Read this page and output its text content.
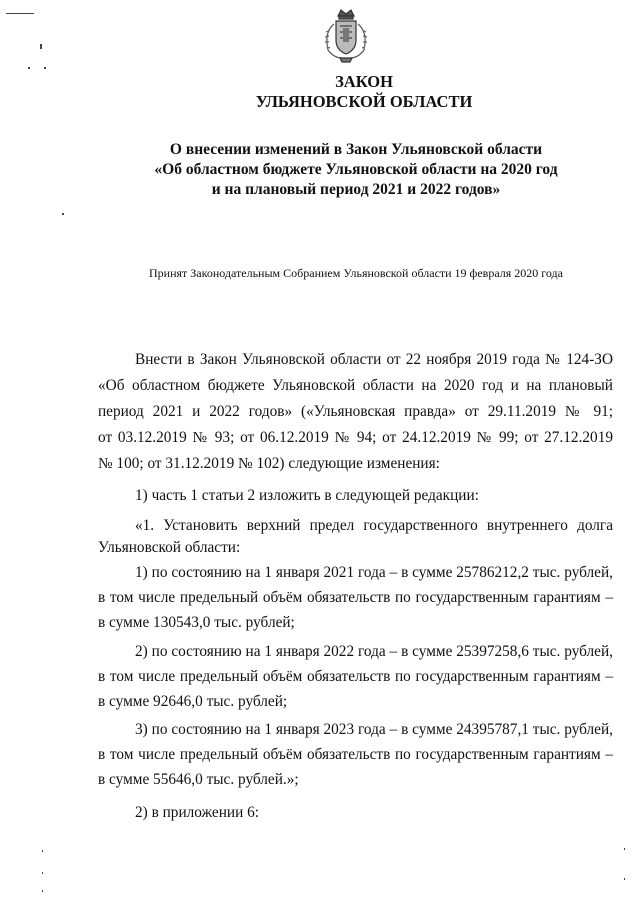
ЗАКОН
УЛЬЯНОВСКОЙ ОБЛАСТИ
О внесении изменений в Закон Ульяновской области
«Об областном бюджете Ульяновской области на 2020 год
и на плановый период 2021 и 2022 годов»
Принят Законодательным Собранием Ульяновской области 19 февраля 2020 года
Внести в Закон Ульяновской области от 22 ноября 2019 года № 124-ЗО
«Об областном бюджете Ульяновской области на 2020 год и на плановый
период 2021 и 2022 годов» («Ульяновская правда» от 29.11.2019 № 91;
от 03.12.2019 № 93; от 06.12.2019 № 94; от 24.12.2019 № 99; от 27.12.2019
№ 100; от 31.12.2019 № 102) следующие изменения:
1) часть 1 статьи 2 изложить в следующей редакции:
«1. Установить верхний предел государственного внутреннего долга
Ульяновской области:
1) по состоянию на 1 января 2021 года – в сумме 25786212,2 тыс. рублей,
в том числе предельный объём обязательств по государственным гарантиям –
в сумме 130543,0 тыс. рублей;
2) по состоянию на 1 января 2022 года – в сумме 25397258,6 тыс. рублей,
в том числе предельный объём обязательств по государственным гарантиям –
в сумме 92646,0 тыс. рублей;
3) по состоянию на 1 января 2023 года – в сумме 24395787,1 тыс. рублей,
в том числе предельный объём обязательств по государственным гарантиям –
в сумме 55646,0 тыс. рублей.»;
2) в приложении 6:
